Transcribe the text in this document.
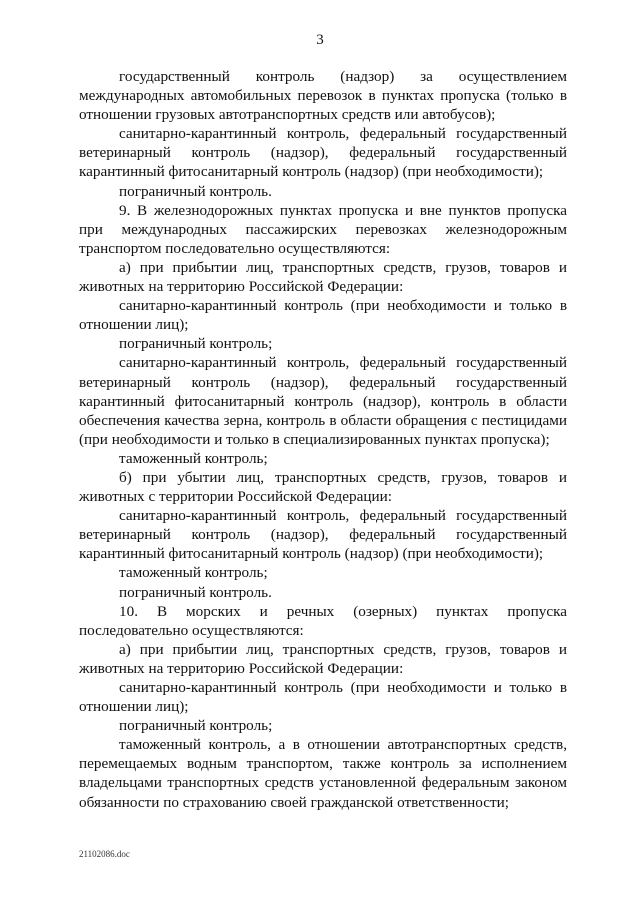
3

государственный контроль (надзор) за осуществлением международных автомобильных перевозок в пунктах пропуска (только в отношении грузовых автотранспортных средств или автобусов);

санитарно-карантинный контроль, федеральный государственный ветеринарный контроль (надзор), федеральный государственный карантинный фитосанитарный контроль (надзор) (при необходимости);

пограничный контроль.

9. В железнодорожных пунктах пропуска и вне пунктов пропуска при международных пассажирских перевозках железнодорожным транспортом последовательно осуществляются:

а) при прибытии лиц, транспортных средств, грузов, товаров и животных на территорию Российской Федерации:

санитарно-карантинный контроль (при необходимости и только в отношении лиц);

пограничный контроль;

санитарно-карантинный контроль, федеральный государственный ветеринарный контроль (надзор), федеральный государственный карантинный фитосанитарный контроль (надзор), контроль в области обеспечения качества зерна, контроль в области обращения с пестицидами (при необходимости и только в специализированных пунктах пропуска);

таможенный контроль;

б) при убытии лиц, транспортных средств, грузов, товаров и животных с территории Российской Федерации:

санитарно-карантинный контроль, федеральный государственный ветеринарный контроль (надзор), федеральный государственный карантинный фитосанитарный контроль (надзор) (при необходимости);

таможенный контроль;

пограничный контроль.

10. В морских и речных (озерных) пунктах пропуска последовательно осуществляются:

а) при прибытии лиц, транспортных средств, грузов, товаров и животных на территорию Российской Федерации:

санитарно-карантинный контроль (при необходимости и только в отношении лиц);

пограничный контроль;

таможенный контроль, а в отношении автотранспортных средств, перемещаемых водным транспортом, также контроль за исполнением владельцами транспортных средств установленной федеральным законом обязанности по страхованию своей гражданской ответственности;

21102086.doc
